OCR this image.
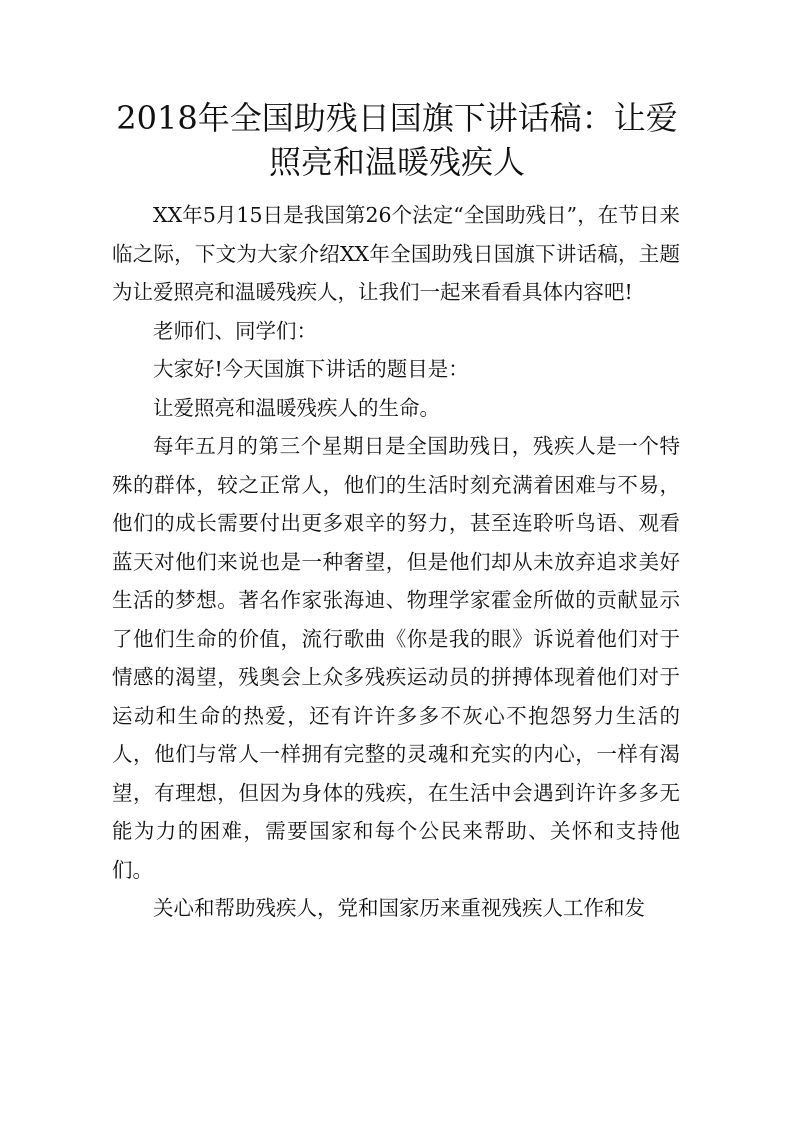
2018年全国助残日国旗下讲话稿：让爱照亮和温暖残疾人

XX年5月15日是我国第26个法定“全国助残日”，在节日来临之际，下文为大家介绍XX年全国助残日国旗下讲话稿，主题为让爱照亮和温暖残疾人，让我们一起来看看具体内容吧!

老师们、同学们：

大家好!今天国旗下讲话的题目是：

让爱照亮和温暖残疾人的生命。

每年五月的第三个星期日是全国助残日，残疾人是一个特殊的群体，较之正常人，他们的生活时刻充满着困难与不易，他们的成长需要付出更多艰辛的努力，甚至连聆听鸟语、观看蓝天对他们来说也是一种奢望，但是他们却从未放弃追求美好生活的梦想。著名作家张海迪、物理学家霍金所做的贡献显示了他们生命的价值，流行歌曲《你是我的眼》诉说着他们对于情感的渴望，残奥会上众多残疾运动员的拼搏体现着他们对于运动和生命的热爱，还有许许多多不灰心不抱怨努力生活的人，他们与常人一样拥有完整的灵魂和充实的内心，一样有渴望，有理想，但因为身体的残疾，在生活中会遇到许许多多无能为力的困难，需要国家和每个公民来帮助、关怀和支持他们。

关心和帮助残疾人，党和国家历来重视残疾人工作和发
